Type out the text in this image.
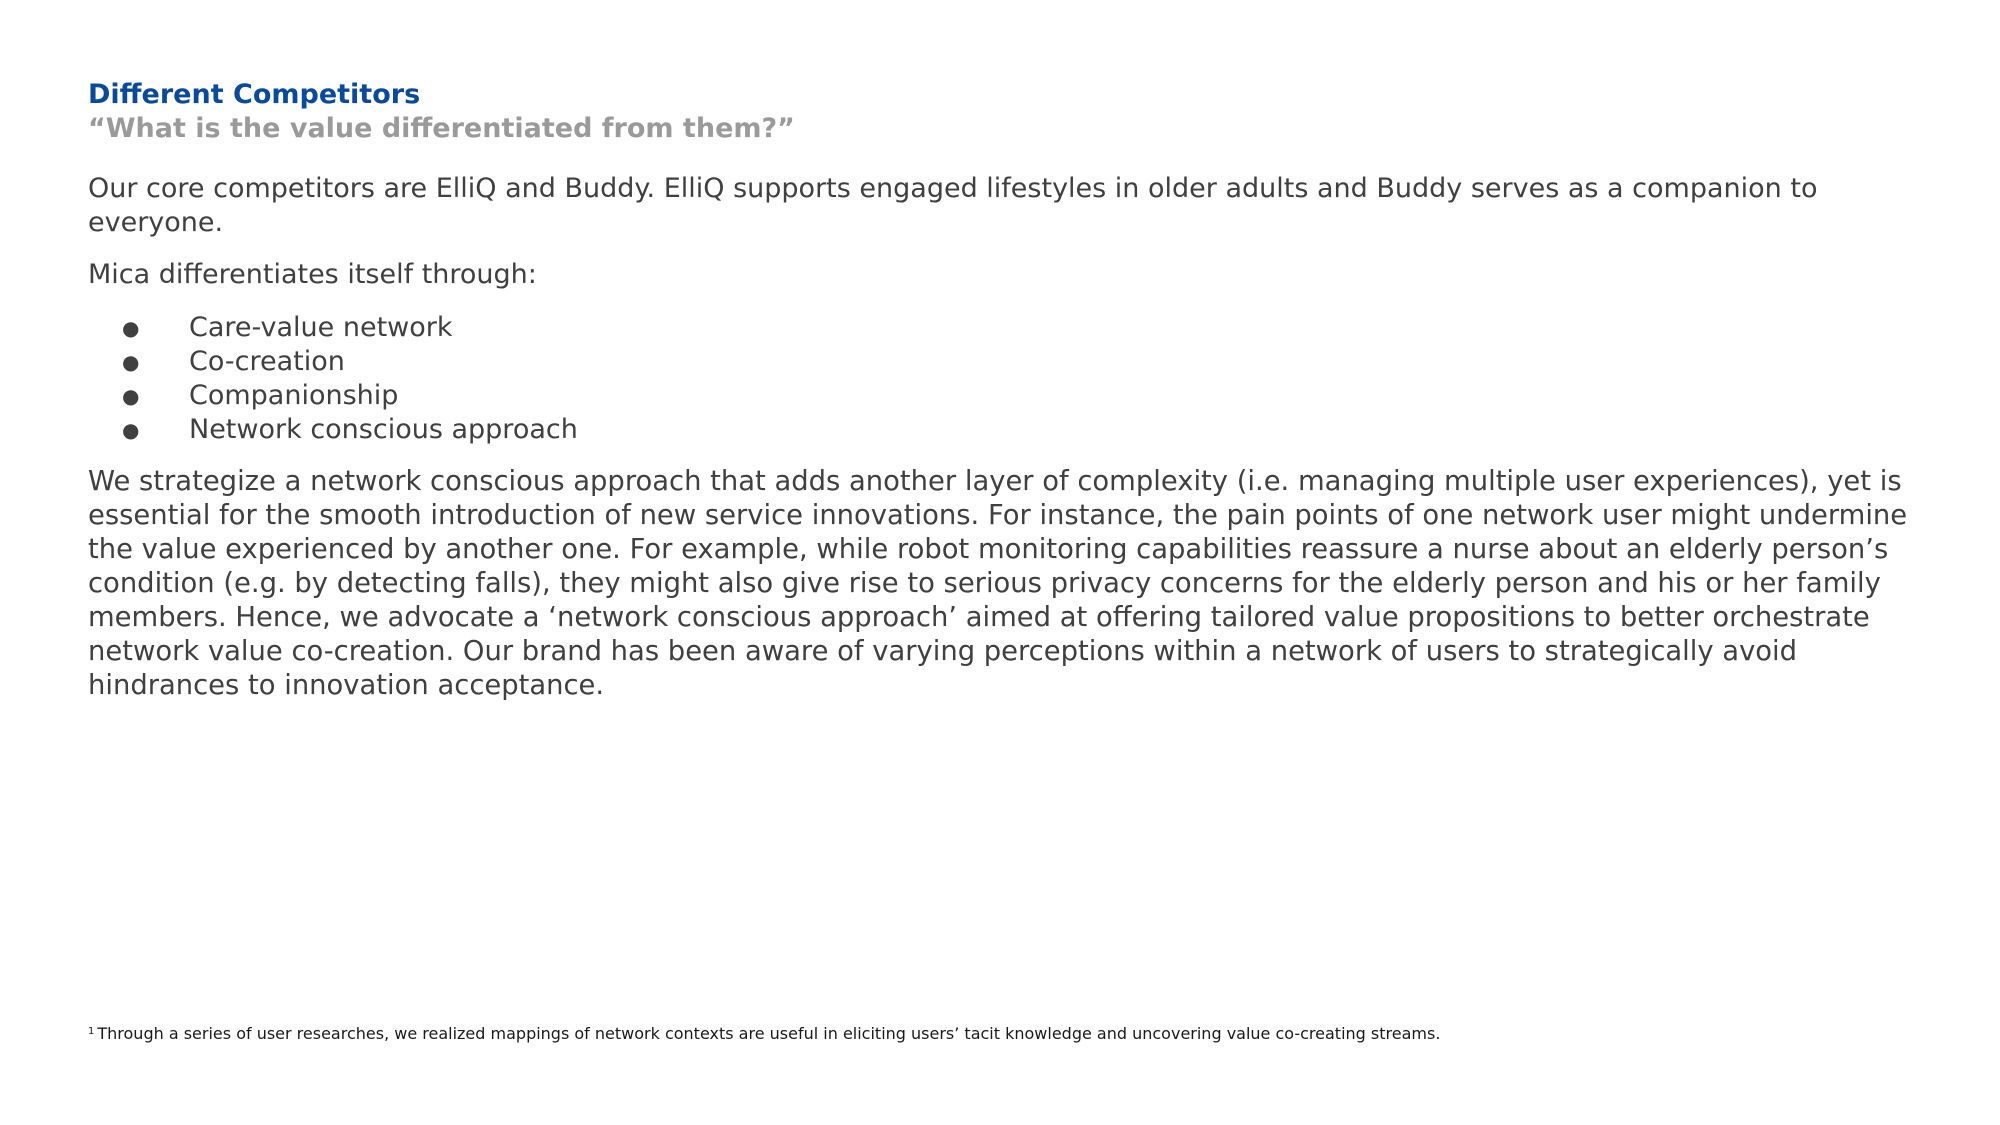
Different Competitors
“What is the value differentiated from them?”

Our core competitors are ElliQ and Buddy. ElliQ supports engaged lifestyles in older adults and Buddy serves as a companion to everyone.

Mica differentiates itself through:

● Care-value network
● Co-creation
● Companionship
● Network conscious approach

We strategize a network conscious approach that adds another layer of complexity (i.e. managing multiple user experiences), yet is essential for the smooth introduction of new service innovations. For instance, the pain points of one network user might undermine the value experienced by another one. For example, while robot monitoring capabilities reassure a nurse about an elderly person’s condition (e.g. by detecting falls), they might also give rise to serious privacy concerns for the elderly person and his or her family members. Hence, we advocate a ‘network conscious approach’ aimed at offering tailored value propositions to better orchestrate network value co-creation. Our brand has been aware of varying perceptions within a network of users to strategically avoid hindrances to innovation acceptance.

$^1$ Through a series of user researches, we realized mappings of network contexts are useful in eliciting users’ tacit knowledge and uncovering value co-creating streams.
